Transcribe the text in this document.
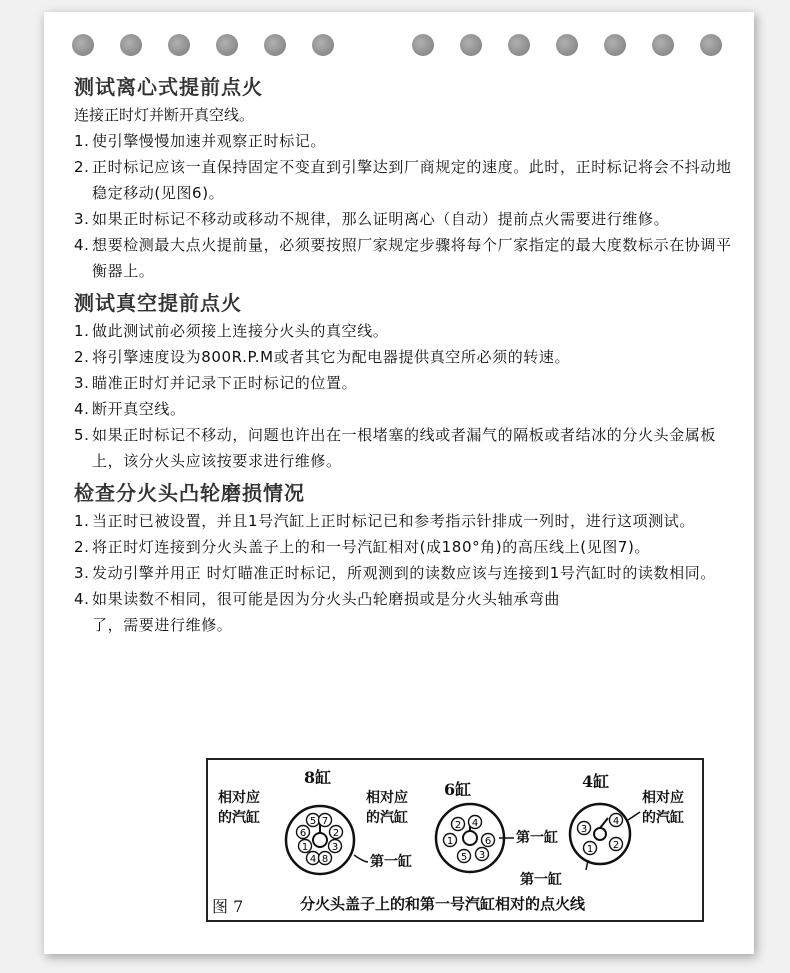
测试离心式提前点火
连接正时灯并断开真空线。
1. 使引擎慢慢加速并观察正时标记。
2. 正时标记应该一直保持固定不变直到引擎达到厂商规定的速度。此时，正时标记将会不抖动地稳定移动(见图6)。
3. 如果正时标记不移动或移动不规律，那么证明离心（自动）提前点火需要进行维修。
4. 想要检测最大点火提前量，必须要按照厂家规定步骤将每个厂家指定的最大度数标示在协调平衡器上。
测试真空提前点火
1. 做此测试前必须接上连接分火头的真空线。
2. 将引擎速度设为800R.P.M或者其它为配电器提供真空所必须的转速。
3. 瞄准正时灯并记录下正时标记的位置。
4. 断开真空线。
5. 如果正时标记不移动，问题也许出在一根堵塞的线或者漏气的隔板或者结冰的分火头金属板上，该分火头应该按要求进行维修。
检查分火头凸轮磨损情况
1. 当正时已被设置，并且1号汽缸上正时标记已和参考指示针排成一列时，进行这项测试。
2. 将正时灯连接到分火头盖子上的和一号汽缸相对(成180°角)的高压线上(见图7)。
3. 发动引擎并用正 时灯瞄准正时标记，所观测到的读数应该与连接到1号汽缸时的读数相同。
4. 如果读数不相同，很可能是因为分火头凸轮磨损或是分火头轴承弯曲了，需要进行维修。
5 7
2
6
1 3
4 8
2 4
1	6
5 3
3
4
1 2
相对应
的汽缸
8缸
相对应
的汽缸
第一缸
6缸
第一缸
4缸
相对应
的汽缸
第一缸
图 7	分火头盖子上的和第一号汽缸相对的点火线
